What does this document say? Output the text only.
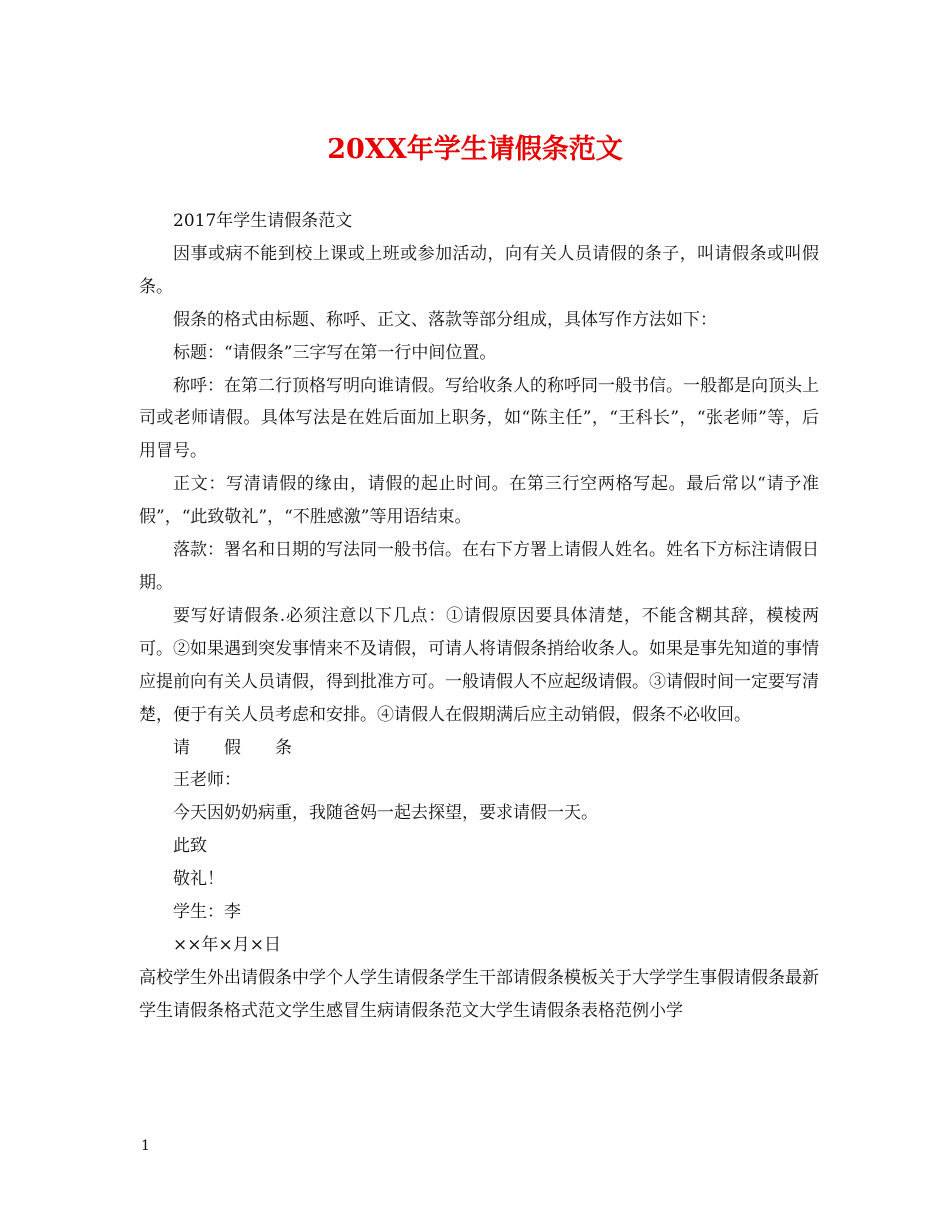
20XX年学生请假条范文

2017年学生请假条范文

因事或病不能到校上课或上班或参加活动，向有关人员请假的条子，叫请假条或叫假条。

假条的格式由标题、称呼、正文、落款等部分组成，具体写作方法如下：

标题：“请假条”三字写在第一行中间位置。

称呼：在第二行顶格写明向谁请假。写给收条人的称呼同一般书信。一般都是向顶头上司或老师请假。具体写法是在姓后面加上职务，如“陈主任”，“王科长”，“张老师”等，后用冒号。

正文：写清请假的缘由，请假的起止时间。在第三行空两格写起。最后常以“请予准假”，“此致敬礼”，“不胜感激”等用语结束。

落款：署名和日期的写法同一般书信。在右下方署上请假人姓名。姓名下方标注请假日期。

要写好请假条.必须注意以下几点：①请假原因要具体清楚，不能含糊其辞，模棱两可。②如果遇到突发事情来不及请假，可请人将请假条捎给收条人。如果是事先知道的事情应提前向有关人员请假，得到批准方可。一般请假人不应起级请假。③请假时间一定要写清楚，便于有关人员考虑和安排。④请假人在假期满后应主动销假，假条不必收回。

请　　假　　条

王老师：

今天因奶奶病重，我随爸妈一起去探望，要求请假一天。

此致

敬礼！

学生：李

××年×月×日

高校学生外出请假条中学个人学生请假条学生干部请假条模板关于大学学生事假请假条最新学生请假条格式范文学生感冒生病请假条范文大学生请假条表格范例小学

1
